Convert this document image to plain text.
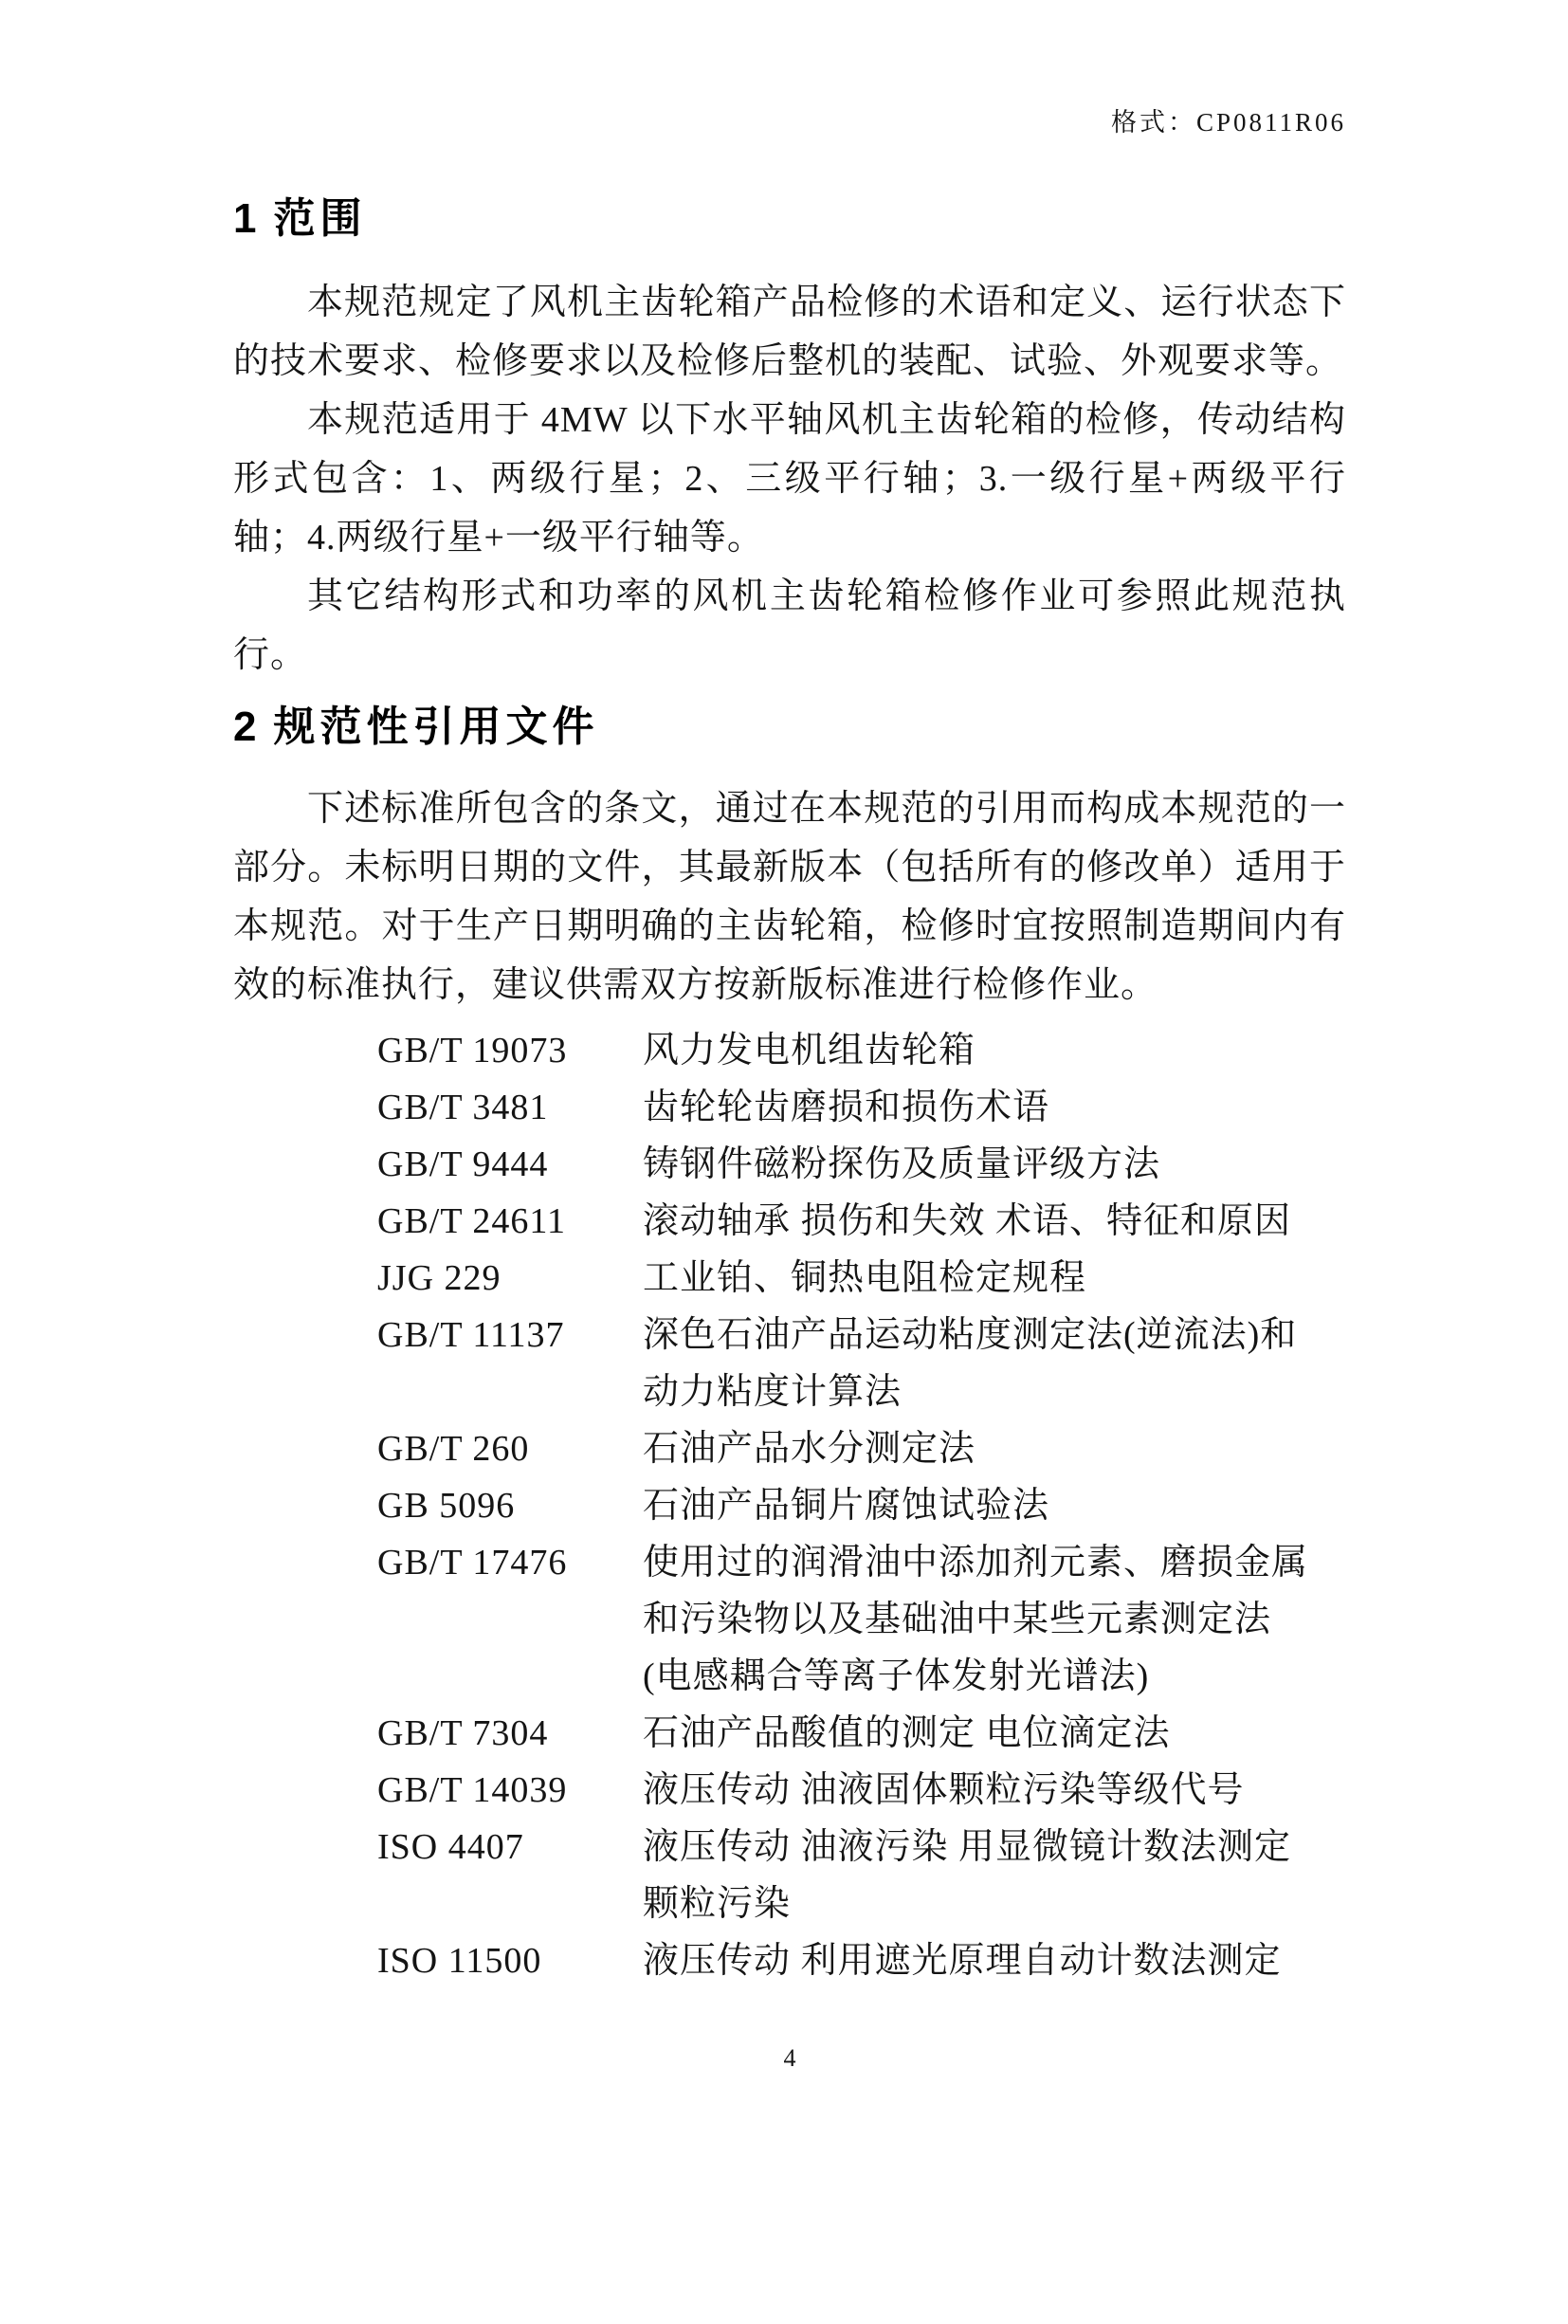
格式：CP0811R06
1 范围

本规范规定了风机主齿轮箱产品检修的术语和定义、运行状态下的技术要求、检修要求以及检修后整机的装配、试验、外观要求等。

本规范适用于 4MW 以下水平轴风机主齿轮箱的检修，传动结构形式包含：1、两级行星；2、三级平行轴；3.一级行星+两级平行轴；4.两级行星+一级平行轴等。

其它结构形式和功率的风机主齿轮箱检修作业可参照此规范执行。

2 规范性引用文件

下述标准所包含的条文，通过在本规范的引用而构成本规范的一部分。未标明日期的文件，其最新版本（包括所有的修改单）适用于本规范。对于生产日期明确的主齿轮箱，检修时宜按照制造期间内有效的标准执行，建议供需双方按新版标准进行检修作业。

GB/T 19073	风力发电机组齿轮箱
GB/T 3481	齿轮轮齿磨损和损伤术语
GB/T 9444	铸钢件磁粉探伤及质量评级方法
GB/T 24611	滚动轴承 损伤和失效 术语、特征和原因
JJG 229	工业铂、铜热电阻检定规程
GB/T 11137	深色石油产品运动粘度测定法(逆流法)和动力粘度计算法
GB/T 260	石油产品水分测定法
GB 5096	石油产品铜片腐蚀试验法
GB/T 17476	使用过的润滑油中添加剂元素、磨损金属和污染物以及基础油中某些元素测定法(电感耦合等离子体发射光谱法)
GB/T 7304	石油产品酸值的测定 电位滴定法
GB/T 14039	液压传动 油液固体颗粒污染等级代号
ISO 4407	液压传动 油液污染 用显微镜计数法测定颗粒污染
ISO 11500	液压传动 利用遮光原理自动计数法测定
4
